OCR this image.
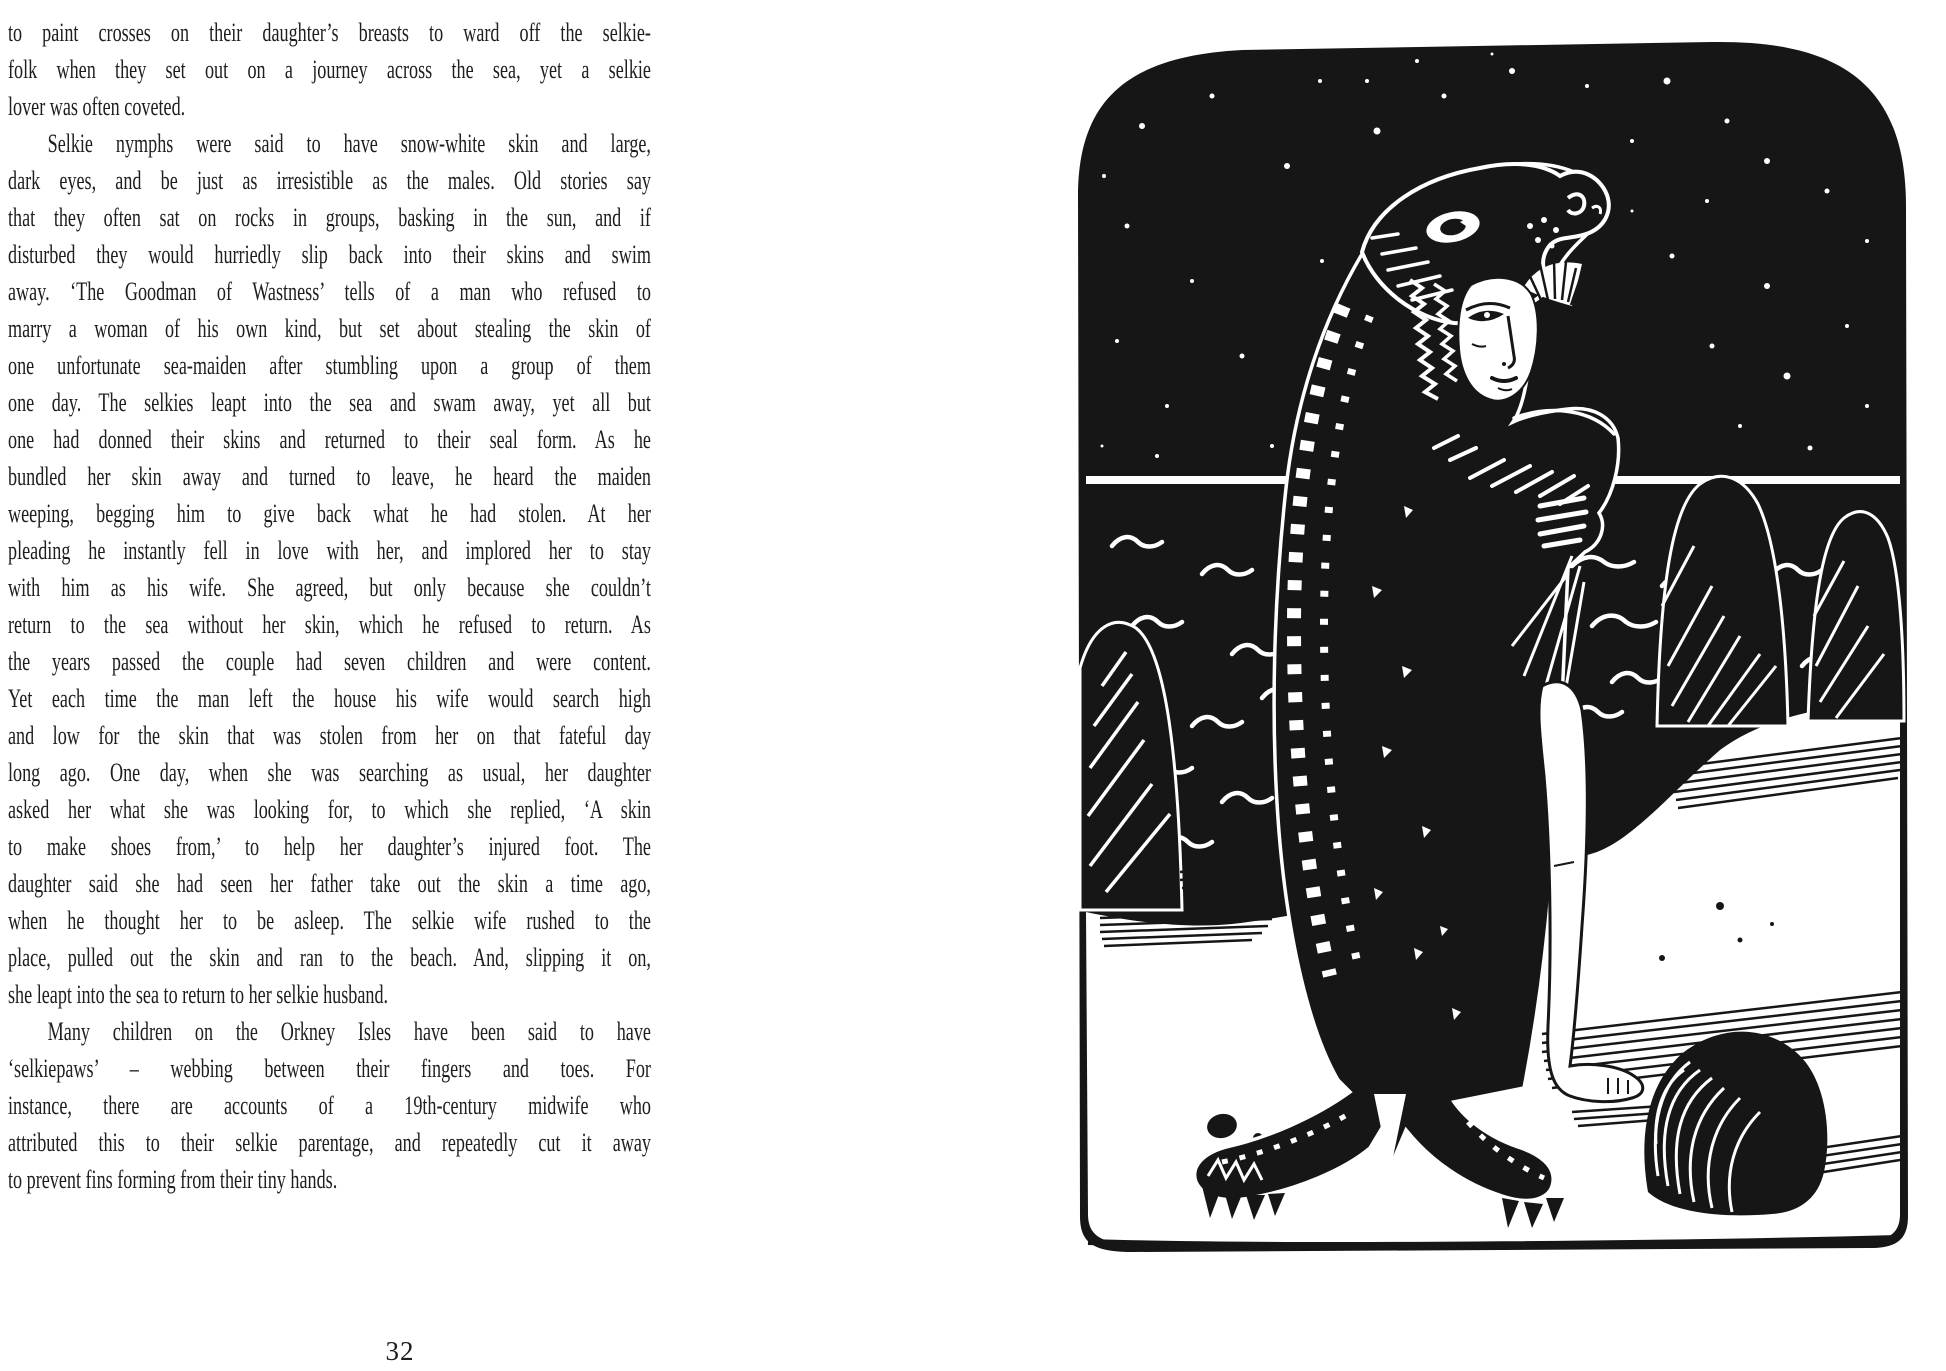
to paint crosses on their daughter’s breasts to ward off the selkie-
folk when they set out on a journey across the sea, yet a selkie
lover was often coveted.
Selkie nymphs were said to have snow-white skin and large,
dark eyes, and be just as irresistible as the males. Old stories say
that they often sat on rocks in groups, basking in the sun, and if
disturbed they would hurriedly slip back into their skins and swim
away. ‘The Goodman of Wastness’ tells of a man who refused to
marry a woman of his own kind, but set about stealing the skin of
one unfortunate sea-maiden after stumbling upon a group of them
one day. The selkies leapt into the sea and swam away, yet all but
one had donned their skins and returned to their seal form. As he
bundled her skin away and turned to leave, he heard the maiden
weeping, begging him to give back what he had stolen. At her
pleading he instantly fell in love with her, and implored her to stay
with him as his wife. She agreed, but only because she couldn’t
return to the sea without her skin, which he refused to return. As
the years passed the couple had seven children and were content.
Yet each time the man left the house his wife would search high
and low for the skin that was stolen from her on that fateful day
long ago. One day, when she was searching as usual, her daughter
asked her what she was looking for, to which she replied, ‘A skin
to make shoes from,’ to help her daughter’s injured foot. The
daughter said she had seen her father take out the skin a time ago,
when he thought her to be asleep. The selkie wife rushed to the
place, pulled out the skin and ran to the beach. And, slipping it on,
she leapt into the sea to return to her selkie husband.
Many children on the Orkney Isles have been said to have
‘selkiepaws’ – webbing between their fingers and toes. For
instance, there are accounts of a 19th-century midwife who
attributed this to their selkie parentage, and repeatedly cut it away
to prevent fins forming from their tiny hands.
32
